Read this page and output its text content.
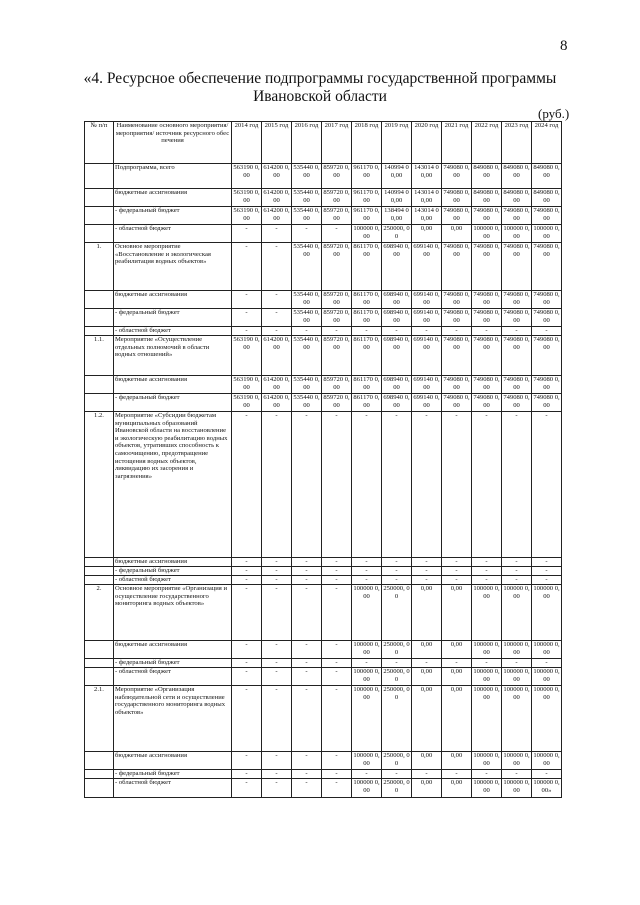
8
«4. Ресурсное обеспечение подпрограммы государственной программы
Ивановской области
(руб.)
№ п/п	Наименование основного мероприятия/мероприятия/ источник ресурсного обеспечения	2014 год	2015 год	2016 год	2017 год	2018 год	2019 год	2020 год	2021 год	2022 год	2023 год	2024 год
	Подпрограмма, всего	563190 0,00	614200 0,00	535440 0,00	859720 0,00	961170 0,00	140994 00,00	143014 00,00	749080 0,00	849080 0,00	849080 0,00	849080 0,00
	бюджетные ассигнования	563190 0,00	614200 0,00	535440 0,00	859720 0,00	961170 0,00	140994 00,00	143014 00,00	749080 0,00	849080 0,00	849080 0,00	849080 0,00
	- федеральный бюджет	563190 0,00	614200 0,00	535440 0,00	859720 0,00	961170 0,00	138494 00,00	143014 00,00	749080 0,00	749080 0,00	749080 0,00	749080 0,00
	- областной бюджет	-	-	-	-	100000 0,00	250000, 00	0,00	0,00	100000 0,00	100000 0,00	100000 0,00
1.	Основное мероприятие «Восстановление и экологическая реабилитация водных объектов»	-	-	535440 0,00	859720 0,00	861170 0,00	698940 0,00	699140 0,00	749080 0,00	749080 0,00	749080 0,00	749080 0,00
	бюджетные ассигнования	-	-	535440 0,00	859720 0,00	861170 0,00	698940 0,00	699140 0,00	749080 0,00	749080 0,00	749080 0,00	749080 0,00
	- федеральный бюджет	-	-	535440 0,00	859720 0,00	861170 0,00	698940 0,00	699140 0,00	749080 0,00	749080 0,00	749080 0,00	749080 0,00
	- областной бюджет	-	-	-	-	-	-	-	-	-	-	-
1.1.	Мероприятие «Осуществление отдельных полномочий в области водных отношений»	563190 0,00	614200 0,00	535440 0,00	859720 0,00	861170 0,00	698940 0,00	699140 0,00	749080 0,00	749080 0,00	749080 0,00	749080 0,00
	бюджетные ассигнования	563190 0,00	614200 0,00	535440 0,00	859720 0,00	861170 0,00	698940 0,00	699140 0,00	749080 0,00	749080 0,00	749080 0,00	749080 0,00
	- федеральный бюджет	563190 0,00	614200 0,00	535440 0,00	859720 0,00	861170 0,00	698940 0,00	699140 0,00	749080 0,00	749080 0,00	749080 0,00	749080 0,00
1.2.	Мероприятие «Субсидии бюджетам муниципальных образований Ивановской области на восстановление и экологическую реабилитацию водных объектов, утративших способность к самоочищению, предотвращение истощения водных объектов, ликвидацию их засорения и загрязнения»	-	-	-	-	-	-	-	-	-	-	-
	бюджетные ассигнования	-	-	-	-	-	-	-	-	-	-	-
	- федеральный бюджет	-	-	-	-	-	-	-	-	-	-	-
	- областной бюджет	-	-	-	-	-	-	-	-	-	-	-
2.	Основное мероприятие «Организация и осуществление государственного мониторинга водных объектов»	-	-	-	-	100000 0,00	250000, 00	0,00	0,00	100000 0,00	100000 0,00	100000 0,00
	бюджетные ассигнования	-	-	-	-	100000 0,00	250000, 00	0,00	0,00	100000 0,00	100000 0,00	100000 0,00
	- федеральный бюджет	-	-	-	-	-	-	-	-	-	-	-
	- областной бюджет	-	-	-	-	100000 0,00	250000, 00	0,00	0,00	100000 0,00	100000 0,00	100000 0,00
2.1.	Мероприятие «Организация наблюдательной сети и осуществление государственного мониторинга водных объектов»	-	-	-	-	100000 0,00	250000, 00	0,00	0,00	100000 0,00	100000 0,00	100000 0,00
	бюджетные ассигнования	-	-	-	-	100000 0,00	250000, 00	0,00	0,00	100000 0,00	100000 0,00	100000 0,00
	- федеральный бюджет	-	-	-	-	-	-	-	-	-	-	-
	- областной бюджет	-	-	-	-	100000 0,00	250000, 00	0,00	0,00	100000 0,00	100000 0,00	100000 0,00»
